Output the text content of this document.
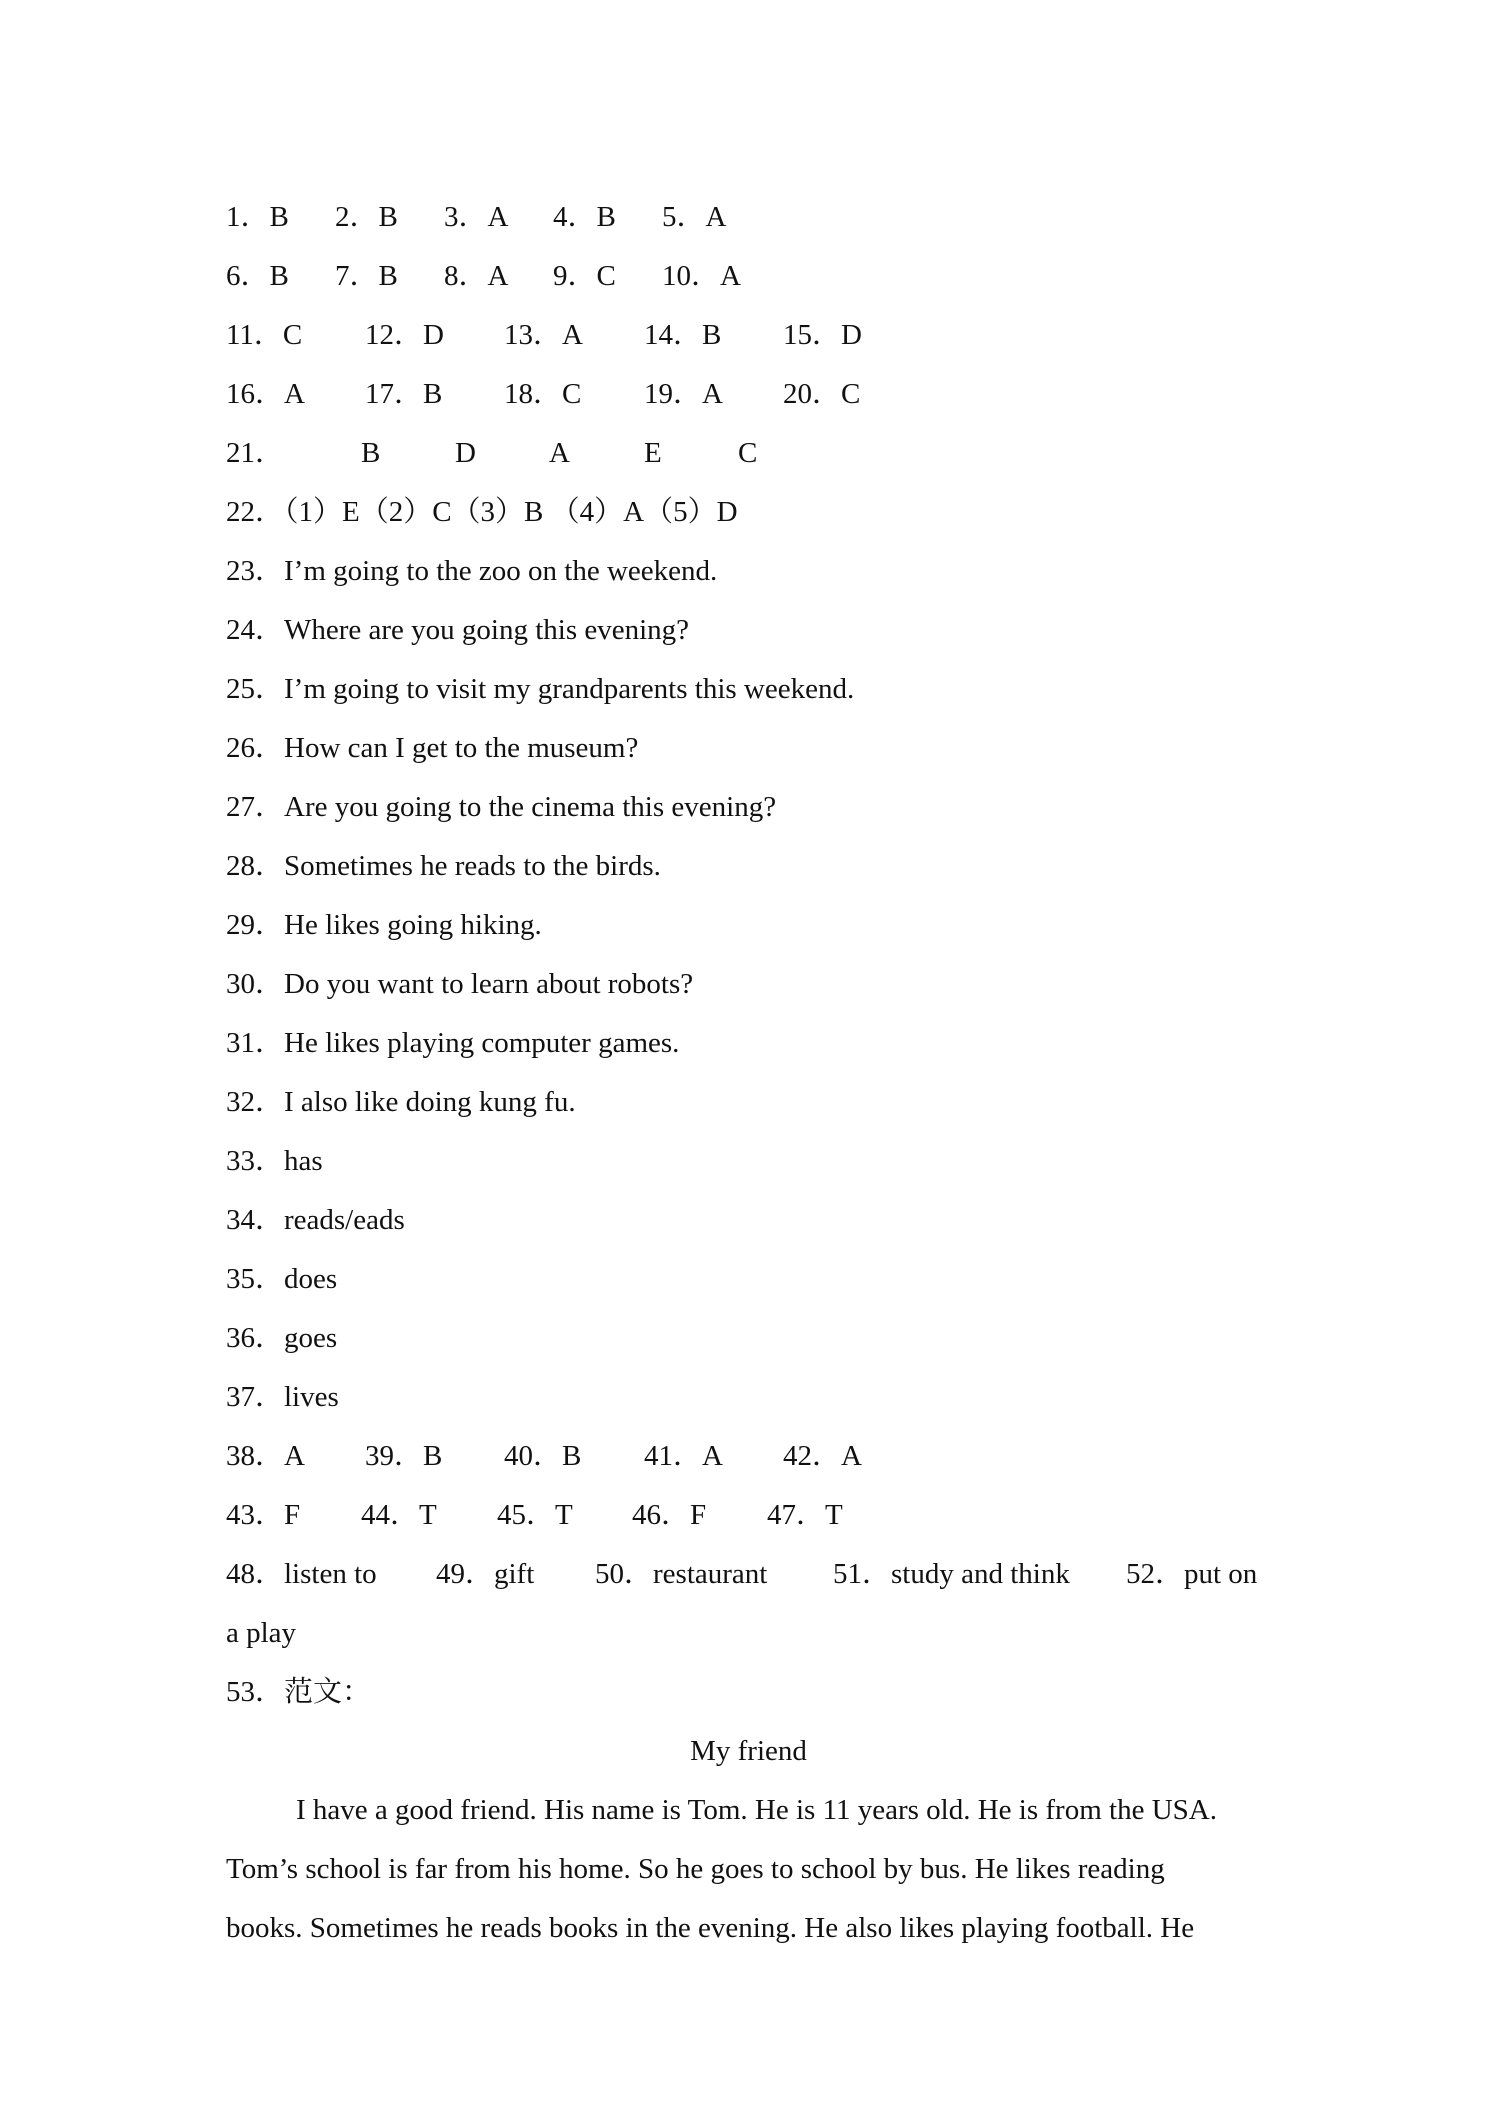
1．B 2．B 3．A 4．B 5．A
6．B 7．B 8．A 9．C 10．A
11．C 12．D 13．A 14．B 15．D
16．A 17．B 18．C 19．A 20．C
21．	B	D	A	E	C
22．（1）E（2）C（3）B （4）A（5）D
23．I’m going to the zoo on the weekend.
24．Where are you going this evening?
25．I’m going to visit my grandparents this weekend.
26．How can I get to the museum?
27．Are you going to the cinema this evening?
28．Sometimes he reads to the birds.
29．He likes going hiking.
30．Do you want to learn about robots?
31．He likes playing computer games.
32．I also like doing kung fu.
33．has
34．reads/eads
35．does
36．goes
37．lives
38．A 39．B 40．B 41．A 42．A
43．F 44．T 45．T 46．F 47．T
48．listen to 49．gift 50．restaurant 51．study and think 52．put on
a play
53．范文：
My friend
I have a good friend. His name is Tom. He is 11 years old. He is from the USA.
Tom’s school is far from his home. So he goes to school by bus. He likes reading
books. Sometimes he reads books in the evening. He also likes playing football. He
